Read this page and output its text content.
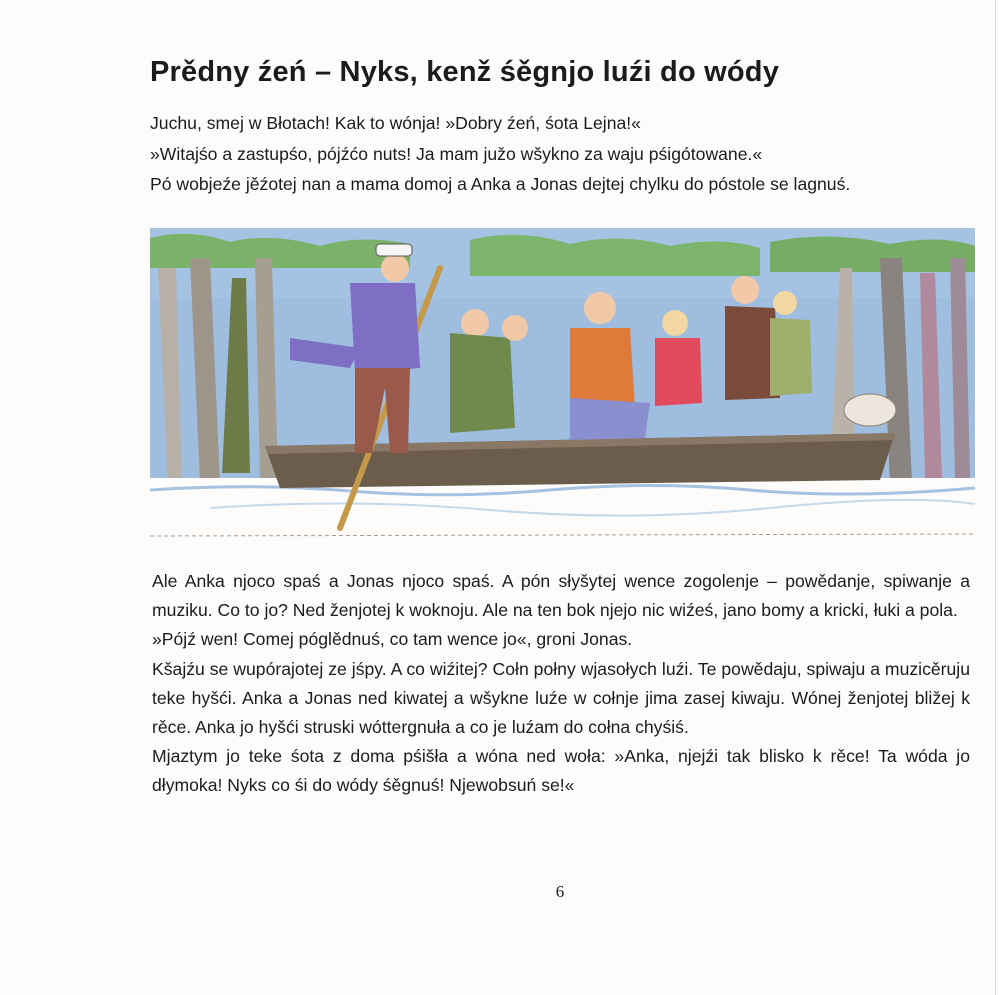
Prědny źeń – Nyks, kenž śěgnjo luźi do wódy

Juchu, smej w Błotach! Kak to wónja! »Dobry źeń, śota Lejna!«

»Witajśo a zastupśo, pójźćo nuts! Ja mam južo wšykno za waju pśigótowane.«

Pó wobjeźe jěźotej nan a mama domoj a Anka a Jonas dejtej chylku do póstole se lagnuś.

Ale Anka njoco spaś a Jonas njoco spaś. A pón słyšytej wence zogolenje – powědanje, spiwanje a muziku. Co to jo? Ned ženjotej k woknoju. Ale na ten bok njejo nic wiźeś, jano bomy a kricki, łuki a pola.

»Pójź wen! Comej póglědnuś, co tam wence jo«, groni Jonas.

Kšajźu se wupórajotej ze jśpy. A co wiźitej? Cołn połny wjasołych luźi. Te powědaju, spiwaju a muzicěruju teke hyšći. Anka a Jonas ned kiwatej a wšykne luźe w cołnje jima zasej kiwaju. Wónej ženjotej bližej k rěce. Anka jo hyšći struski wóttergnuła a co je luźam do cołna chyśiś.

Mjaztym jo teke śota z doma pśišła a wóna ned woła: »Anka, njejźi tak blisko k rěce! Ta wóda jo dłymoka! Nyks co śi do wódy śěgnuś! Njewobsuń se!«

6
